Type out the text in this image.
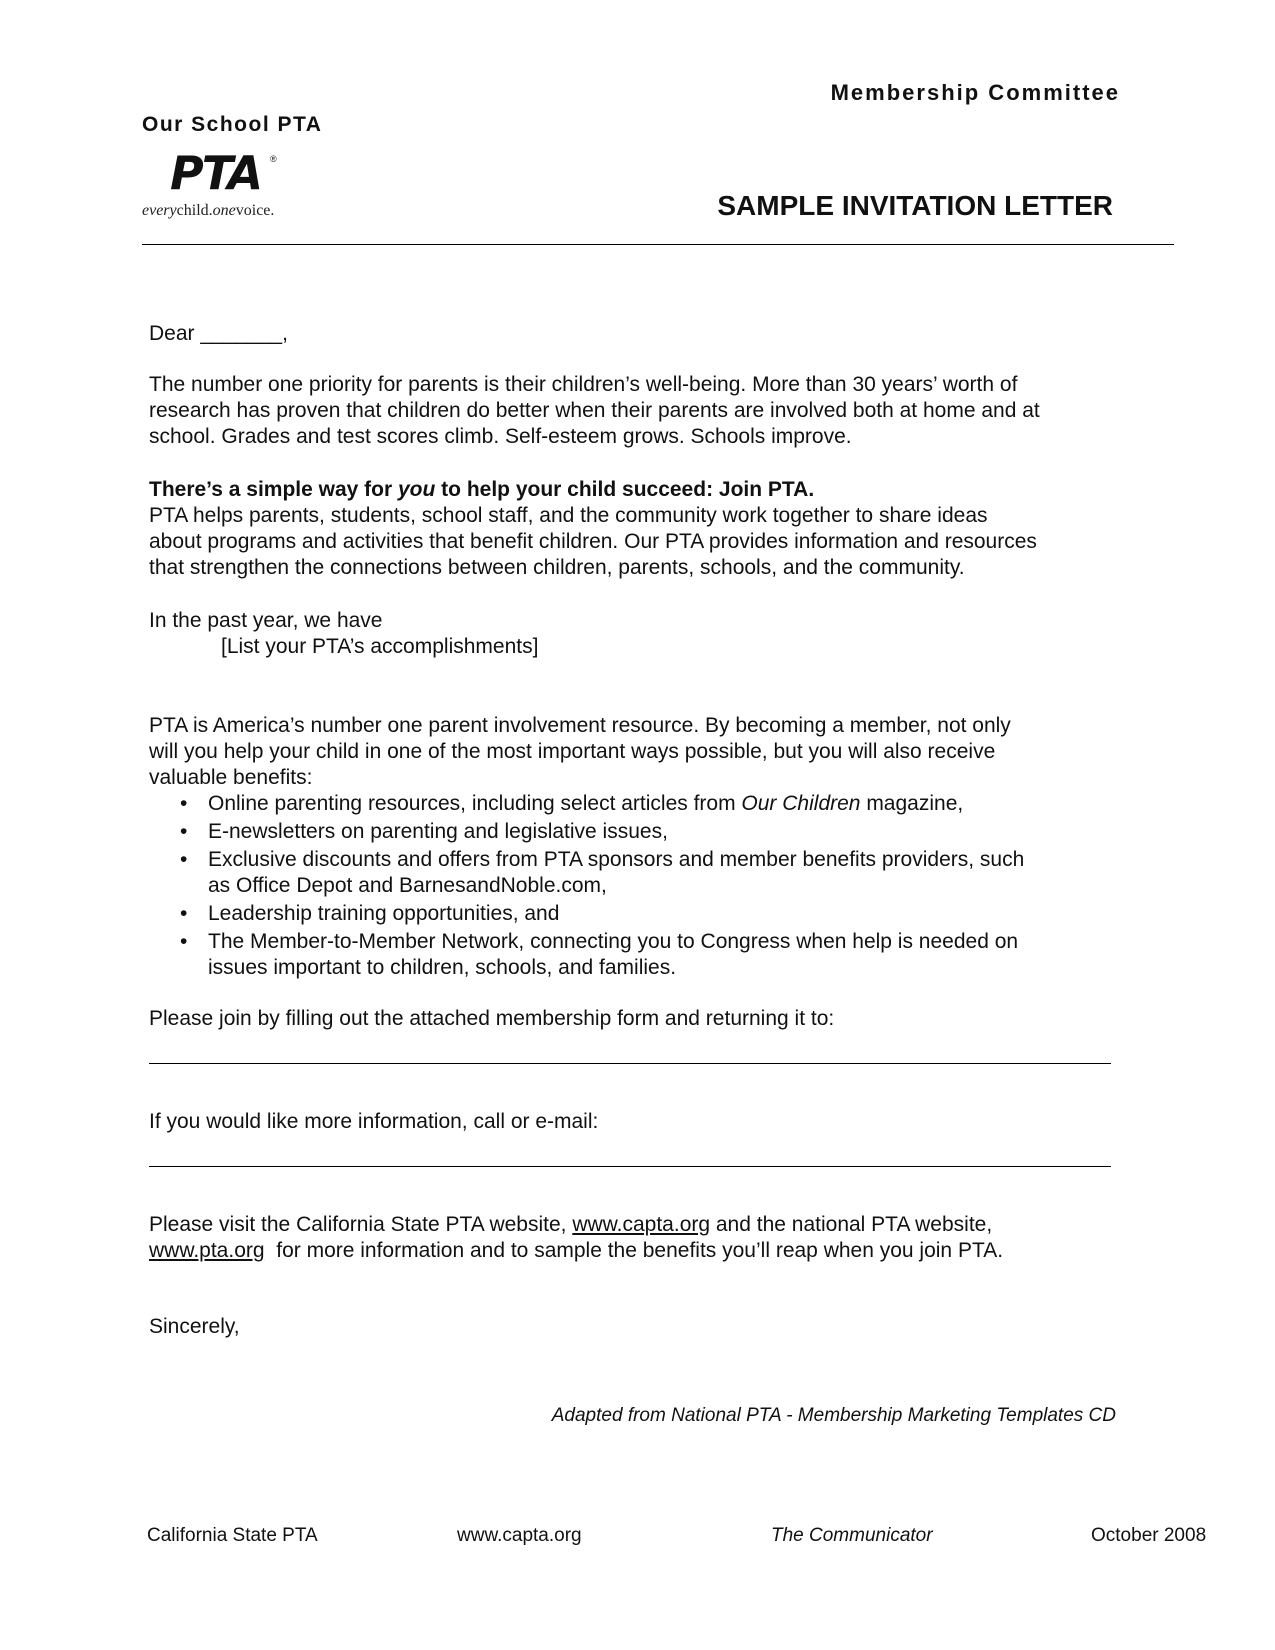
Membership Committee
Our School PTA
PTA ®
everychild.onevoice.	SAMPLE INVITATION LETTER
Dear _______,

The number one priority for parents is their children’s well-being. More than 30 years’ worth of

research has proven that children do better when their parents are involved both at home and at

school. Grades and test scores climb. Self-esteem grows. Schools improve.

There’s a simple way for you to help your child succeed: Join PTA.

PTA helps parents, students, school staff, and the community work together to share ideas

about programs and activities that benefit children. Our PTA provides information and resources

that strengthen the connections between children, parents, schools, and the community.

In the past year, we have
[List your PTA’s accomplishments]

PTA is America’s number one parent involvement resource. By becoming a member, not only

will you help your child in one of the most important ways possible, but you will also receive

valuable benefits:

• Online parenting resources, including select articles from Our Children magazine,
• E-newsletters on parenting and legislative issues,
• Exclusive discounts and offers from PTA sponsors and member benefits providers, such
as Office Depot and BarnesandNoble.com,
• Leadership training opportunities, and
• The Member-to-Member Network, connecting you to Congress when help is needed on
issues important to children, schools, and families.
Please join by filling out the attached membership form and returning it to:
If you would like more information, call or e-mail:

Please visit the California State PTA website, www.capta.org and the national PTA website,

www.pta.org  for more information and to sample the benefits you’ll reap when you join PTA.

Sincerely,
Adapted from National PTA - Membership Marketing Templates CD
California State PTA	www.capta.org	The Communicator	October 2008
